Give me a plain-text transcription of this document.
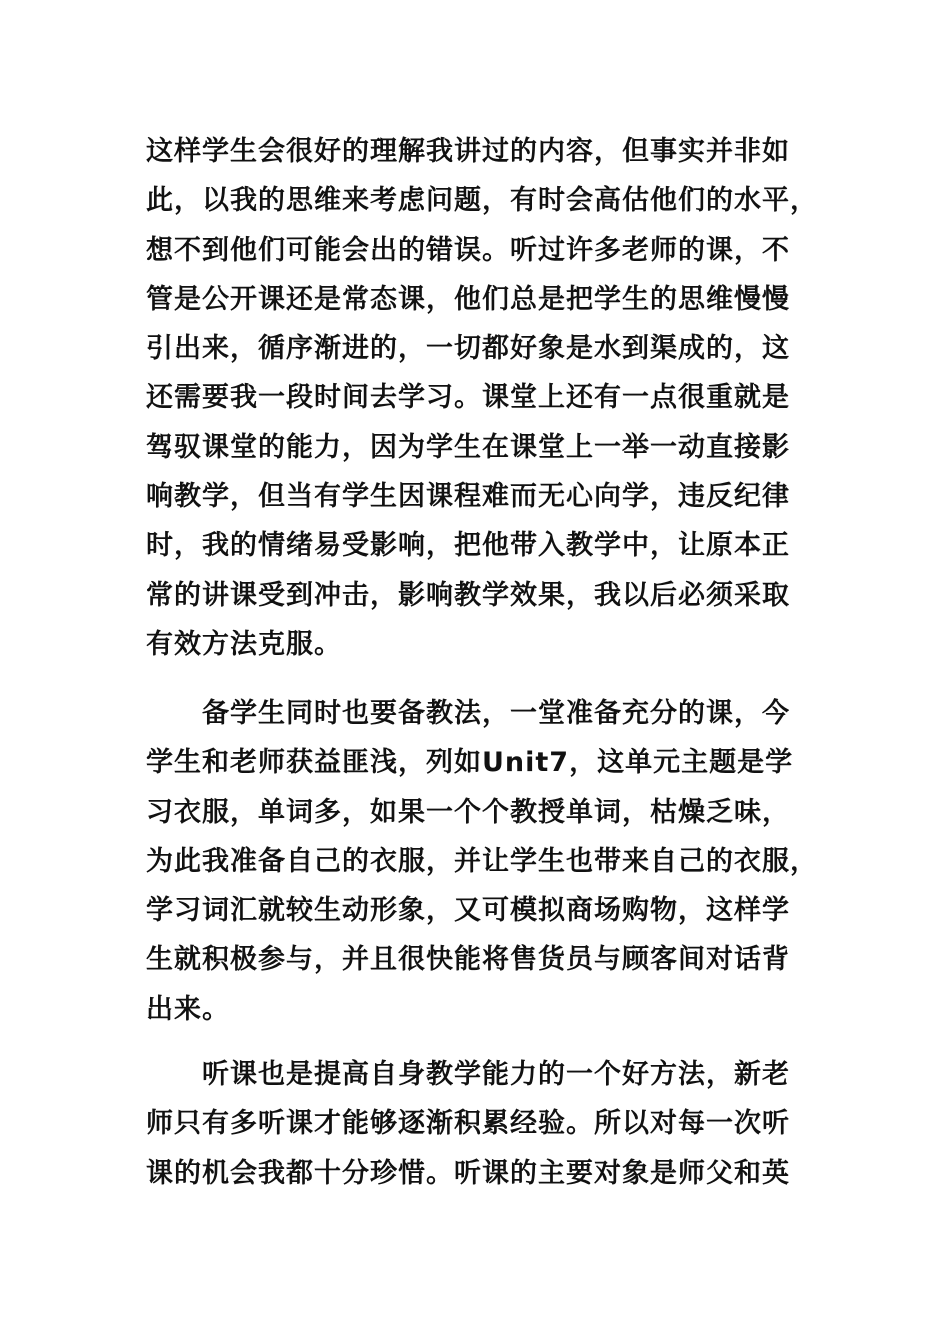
这样学生会很好的理解我讲过的内容，但事实并非如
此，以我的思维来考虑问题，有时会高估他们的水平，
想不到他们可能会出的错误。听过许多老师的课，不
管是公开课还是常态课，他们总是把学生的思维慢慢
引出来，循序渐进的，一切都好象是水到渠成的，这
还需要我一段时间去学习。课堂上还有一点很重就是
驾驭课堂的能力，因为学生在课堂上一举一动直接影
响教学，但当有学生因课程难而无心向学，违反纪律
时，我的情绪易受影响，把他带入教学中，让原本正
常的讲课受到冲击，影响教学效果，我以后必须采取
有效方法克服。
备学生同时也要备教法，一堂准备充分的课，今
学生和老师获益匪浅，列如Unit7，这单元主题是学
习衣服，单词多，如果一个个教授单词，枯燥乏味，
为此我准备自己的衣服，并让学生也带来自己的衣服，
学习词汇就较生动形象，又可模拟商场购物，这样学
生就积极参与，并且很快能将售货员与顾客间对话背
出来。
听课也是提高自身教学能力的一个好方法，新老
师只有多听课才能够逐渐积累经验。所以对每一次听
课的机会我都十分珍惜。听课的主要对象是师父和英
